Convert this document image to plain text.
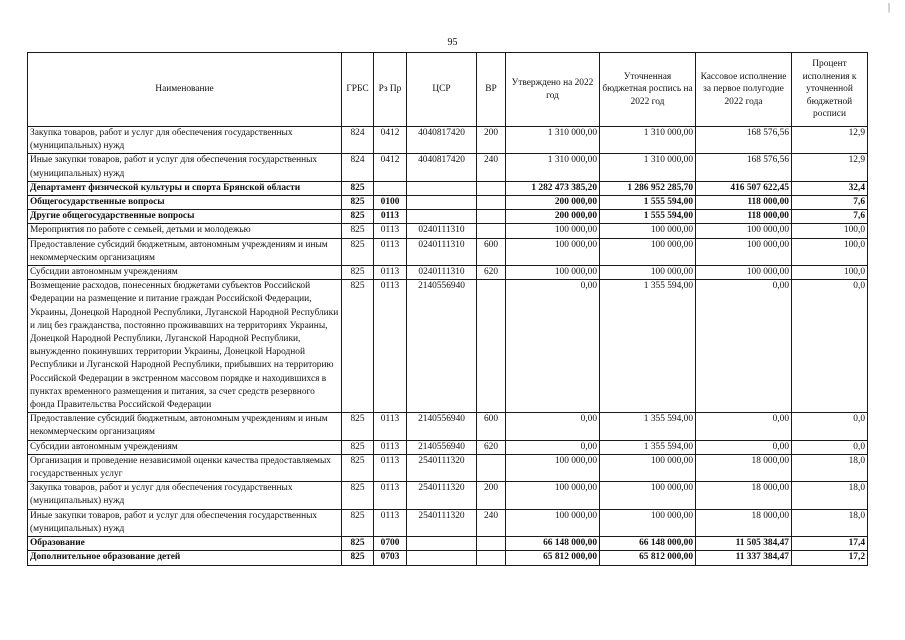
95
|
Наименование	ГРБС	Рз Пр	ЦСР	ВР	Утверждено на 2022 год	Уточненная бюджетная роспись на 2022 год	Кассовое исполнение за первое полугодие 2022 года	Процент исполнения к уточненной бюджетной росписи
Закупка товаров, работ и услуг для обеспечения государственных (муниципальных) нужд	824	0412	4040817420	200	1 310 000,00	1 310 000,00	168 576,56	12,9
Иные закупки товаров, работ и услуг для обеспечения государственных (муниципальных) нужд	824	0412	4040817420	240	1 310 000,00	1 310 000,00	168 576,56	12,9
Департамент физической культуры и спорта Брянской области	825				1 282 473 385,20	1 286 952 285,70	416 507 622,45	32,4
Общегосударственные вопросы	825	0100			200 000,00	1 555 594,00	118 000,00	7,6
Другие общегосударственные вопросы	825	0113			200 000,00	1 555 594,00	118 000,00	7,6
Мероприятия по работе с семьей, детьми и молодежью	825	0113	0240111310		100 000,00	100 000,00	100 000,00	100,0
Предоставление субсидий бюджетным, автономным учреждениям и иным некоммерческим организациям	825	0113	0240111310	600	100 000,00	100 000,00	100 000,00	100,0
Субсидии автономным учреждениям	825	0113	0240111310	620	100 000,00	100 000,00	100 000,00	100,0
Возмещение расходов, понесенных бюджетами субъектов Российской Федерации на размещение и питание граждан Российской Федерации, Украины, Донецкой Народной Республики, Луганской Народной Республики и лиц без гражданства, постоянно проживавших на территориях Украины, Донецкой Народной Республики, Луганской Народной Республики, вынужденно покинувших территории Украины, Донецкой Народной Республики и Луганской Народной Республики, прибывших на территорию Российской Федерации в экстренном массовом порядке и находившихся в пунктах временного размещения и питания, за счет средств резервного фонда Правительства Российской Федерации	825	0113	2140556940		0,00	1 355 594,00	0,00	0,0
Предоставление субсидий бюджетным, автономным учреждениям и иным некоммерческим организациям	825	0113	2140556940	600	0,00	1 355 594,00	0,00	0,0
Субсидии автономным учреждениям	825	0113	2140556940	620	0,00	1 355 594,00	0,00	0,0
Организация и проведение независимой оценки качества предоставляемых государственных услуг	825	0113	2540111320		100 000,00	100 000,00	18 000,00	18,0
Закупка товаров, работ и услуг для обеспечения государственных (муниципальных) нужд	825	0113	2540111320	200	100 000,00	100 000,00	18 000,00	18,0
Иные закупки товаров, работ и услуг для обеспечения государственных (муниципальных) нужд	825	0113	2540111320	240	100 000,00	100 000,00	18 000,00	18,0
Образование	825	0700			66 148 000,00	66 148 000,00	11 505 384,47	17,4
Дополнительное образование детей	825	0703			65 812 000,00	65 812 000,00	11 337 384,47	17,2
